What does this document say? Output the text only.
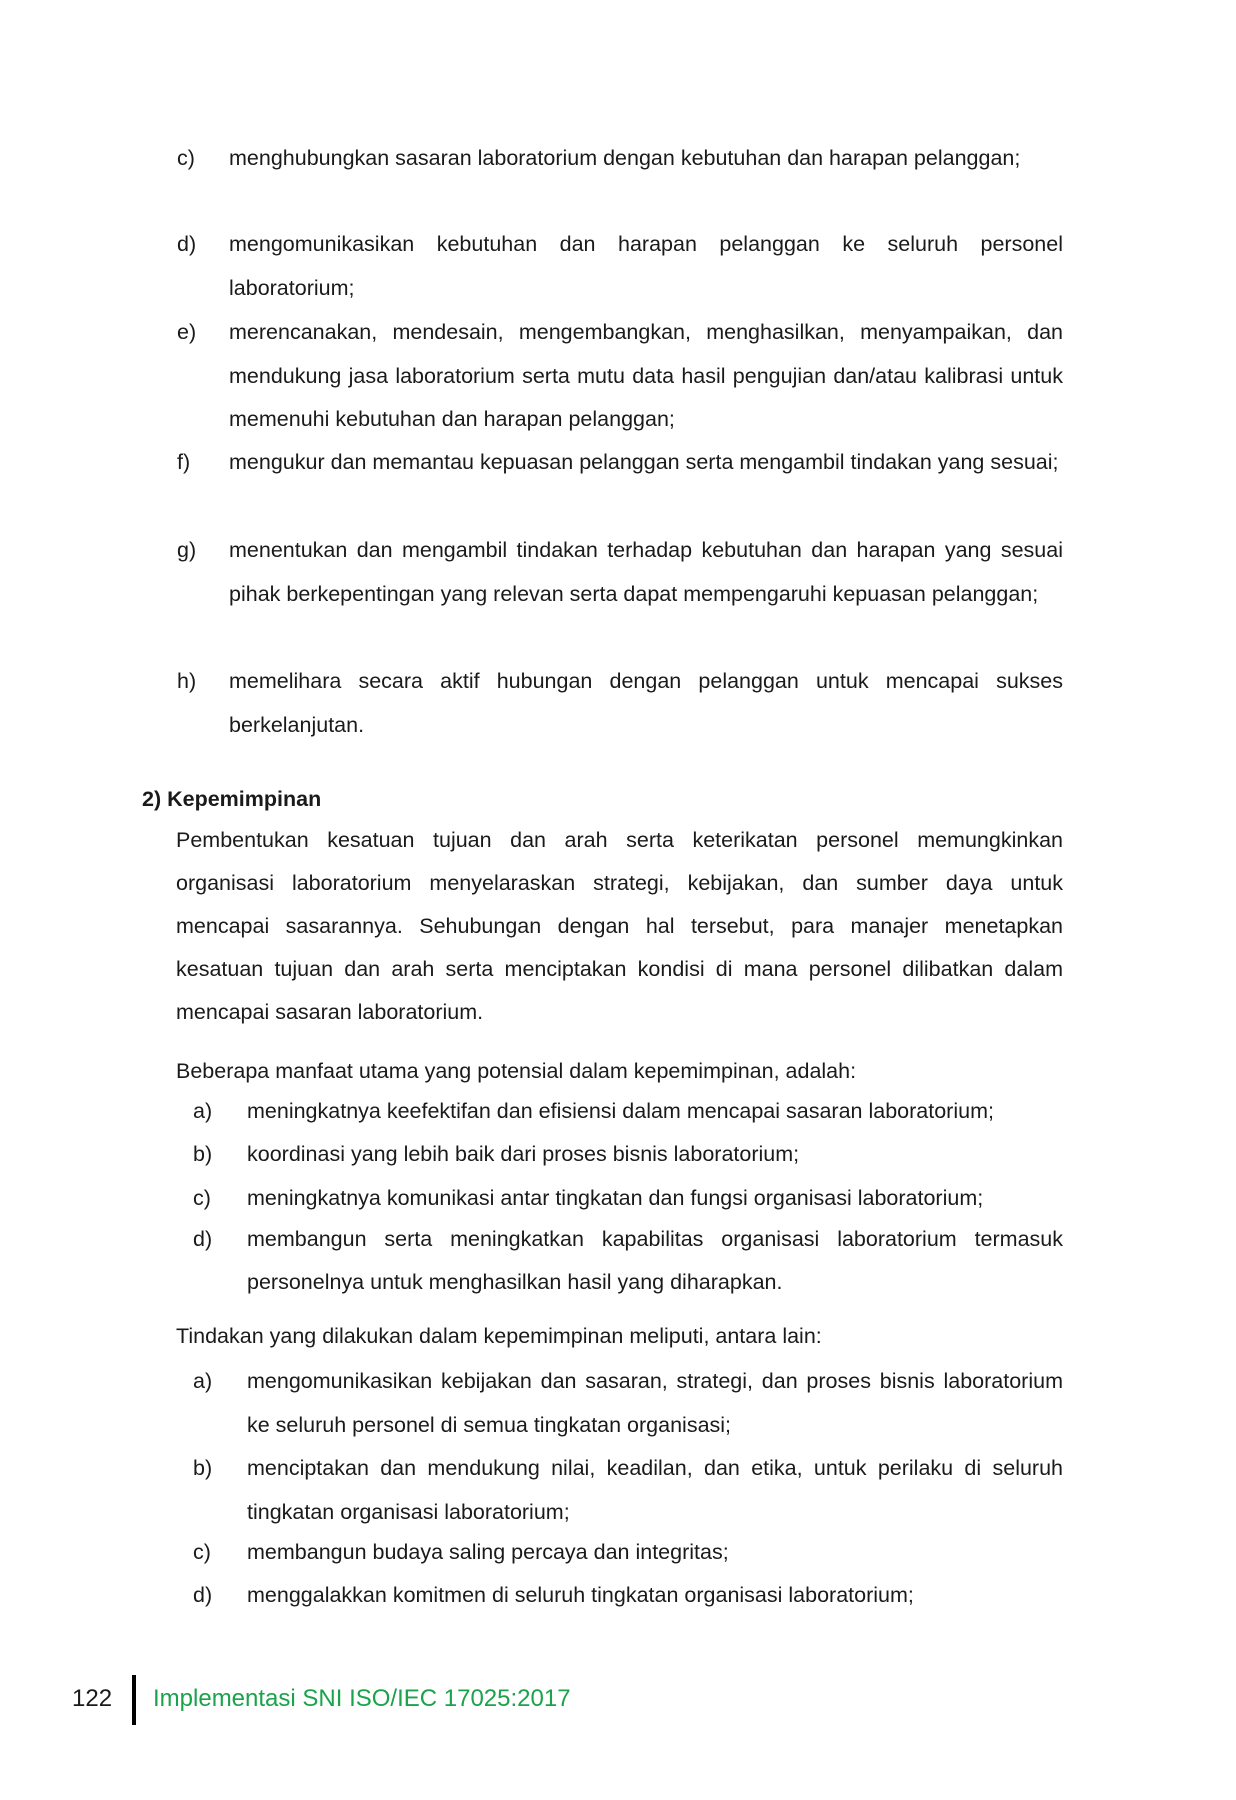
c) menghubungkan sasaran laboratorium dengan kebutuhan dan harapan pelanggan;
d) mengomunikasikan kebutuhan dan harapan pelanggan ke seluruh personel laboratorium;
e) merencanakan, mendesain, mengembangkan, menghasilkan, menyampaikan, dan mendukung jasa laboratorium serta mutu data hasil pengujian dan/atau kalibrasi untuk memenuhi kebutuhan dan harapan pelanggan;
f) mengukur dan memantau kepuasan pelanggan serta mengambil tindakan yang sesuai;
g) menentukan dan mengambil tindakan terhadap kebutuhan dan harapan yang sesuai pihak berkepentingan yang relevan serta dapat mempengaruhi kepuasan pelanggan;
h) memelihara secara aktif hubungan dengan pelanggan untuk mencapai sukses berkelanjutan.
2) Kepemimpinan
Pembentukan kesatuan tujuan dan arah serta keterikatan personel memungkinkan organisasi laboratorium menyelaraskan strategi, kebijakan, dan sumber daya untuk mencapai sasarannya. Sehubungan dengan hal tersebut, para manajer menetapkan kesatuan tujuan dan arah serta menciptakan kondisi di mana personel dilibatkan dalam mencapai sasaran laboratorium.
Beberapa manfaat utama yang potensial dalam kepemimpinan, adalah:
a) meningkatnya keefektifan dan efisiensi dalam mencapai sasaran laboratorium;
b) koordinasi yang lebih baik dari proses bisnis laboratorium;
c) meningkatnya komunikasi antar tingkatan dan fungsi organisasi laboratorium;
d) membangun serta meningkatkan kapabilitas organisasi laboratorium termasuk personelnya untuk menghasilkan hasil yang diharapkan.
Tindakan yang dilakukan dalam kepemimpinan meliputi, antara lain:
a) mengomunikasikan kebijakan dan sasaran, strategi, dan proses bisnis laboratorium ke seluruh personel di semua tingkatan organisasi;
b) menciptakan dan mendukung nilai, keadilan, dan etika, untuk perilaku di seluruh tingkatan organisasi laboratorium;
c) membangun budaya saling percaya dan integritas;
d) menggalakkan komitmen di seluruh tingkatan organisasi laboratorium;
122 Implementasi SNI ISO/IEC 17025:2017
